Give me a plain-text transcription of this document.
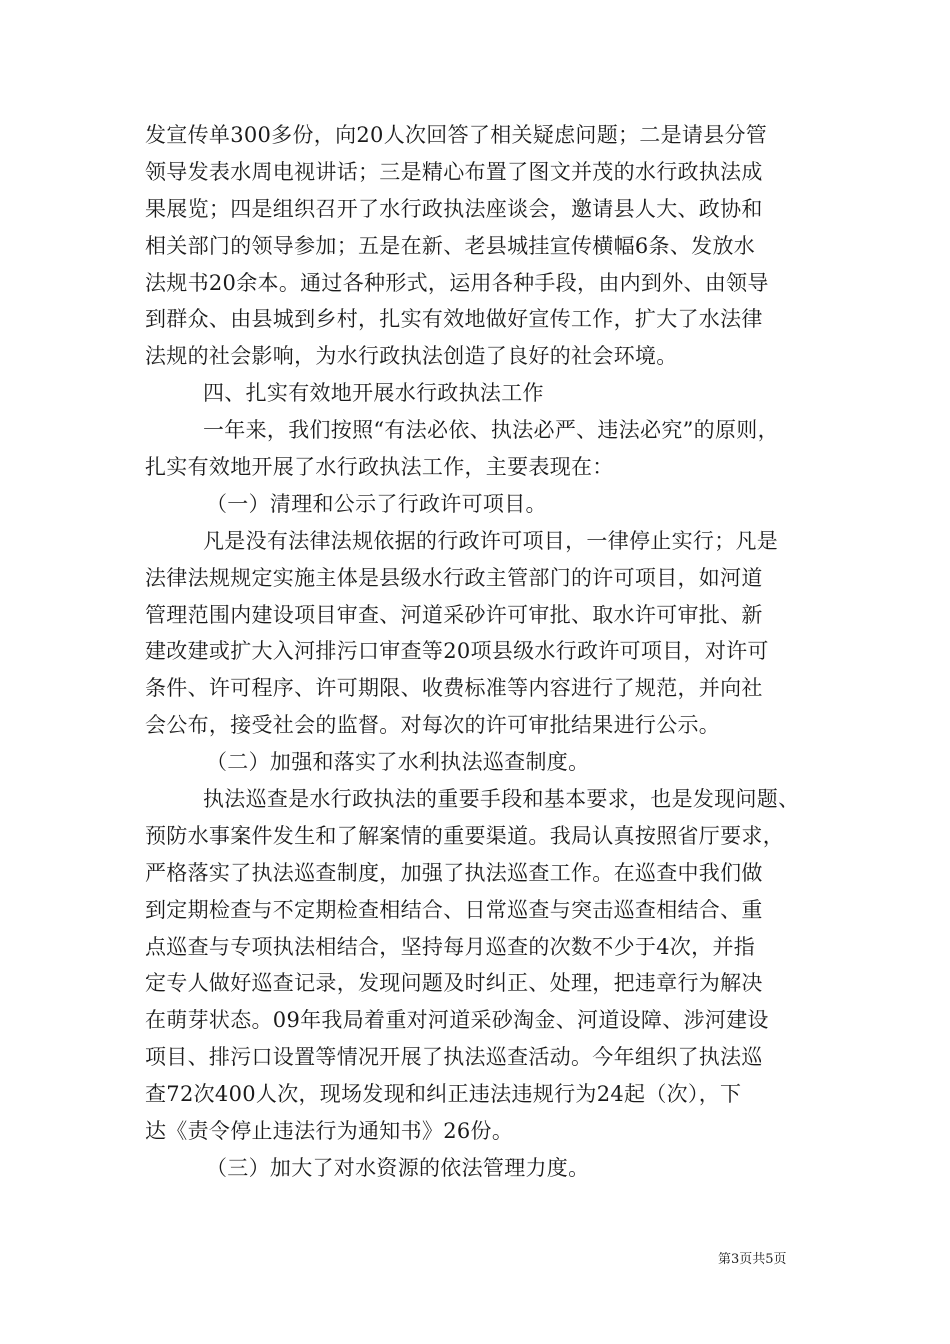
发宣传单300多份，向20人次回答了相关疑虑问题；二是请县分管
领导发表水周电视讲话；三是精心布置了图文并茂的水行政执法成
果展览；四是组织召开了水行政执法座谈会，邀请县人大、政协和
相关部门的领导参加；五是在新、老县城挂宣传横幅6条、发放水
法规书20余本。通过各种形式，运用各种手段，由内到外、由领导
到群众、由县城到乡村，扎实有效地做好宣传工作，扩大了水法律
法规的社会影响，为水行政执法创造了良好的社会环境。
四、扎实有效地开展水行政执法工作
一年来，我们按照“有法必依、执法必严、违法必究”的原则，
扎实有效地开展了水行政执法工作，主要表现在：
（一）清理和公示了行政许可项目。
凡是没有法律法规依据的行政许可项目，一律停止实行；凡是
法律法规规定实施主体是县级水行政主管部门的许可项目，如河道
管理范围内建设项目审查、河道采砂许可审批、取水许可审批、新
建改建或扩大入河排污口审查等20项县级水行政许可项目，对许可
条件、许可程序、许可期限、收费标准等内容进行了规范，并向社
会公布，接受社会的监督。对每次的许可审批结果进行公示。
（二）加强和落实了水利执法巡查制度。
执法巡查是水行政执法的重要手段和基本要求，也是发现问题、
预防水事案件发生和了解案情的重要渠道。我局认真按照省厅要求，
严格落实了执法巡查制度，加强了执法巡查工作。在巡查中我们做
到定期检查与不定期检查相结合、日常巡查与突击巡查相结合、重
点巡查与专项执法相结合，坚持每月巡查的次数不少于4次，并指
定专人做好巡查记录，发现问题及时纠正、处理，把违章行为解决
在萌芽状态。09年我局着重对河道采砂淘金、河道设障、涉河建设
项目、排污口设置等情况开展了执法巡查活动。今年组织了执法巡
查72次400人次，现场发现和纠正违法违规行为24起（次），下
达《责令停止违法行为通知书》26份。
（三）加大了对水资源的依法管理力度。
第3页共5页
